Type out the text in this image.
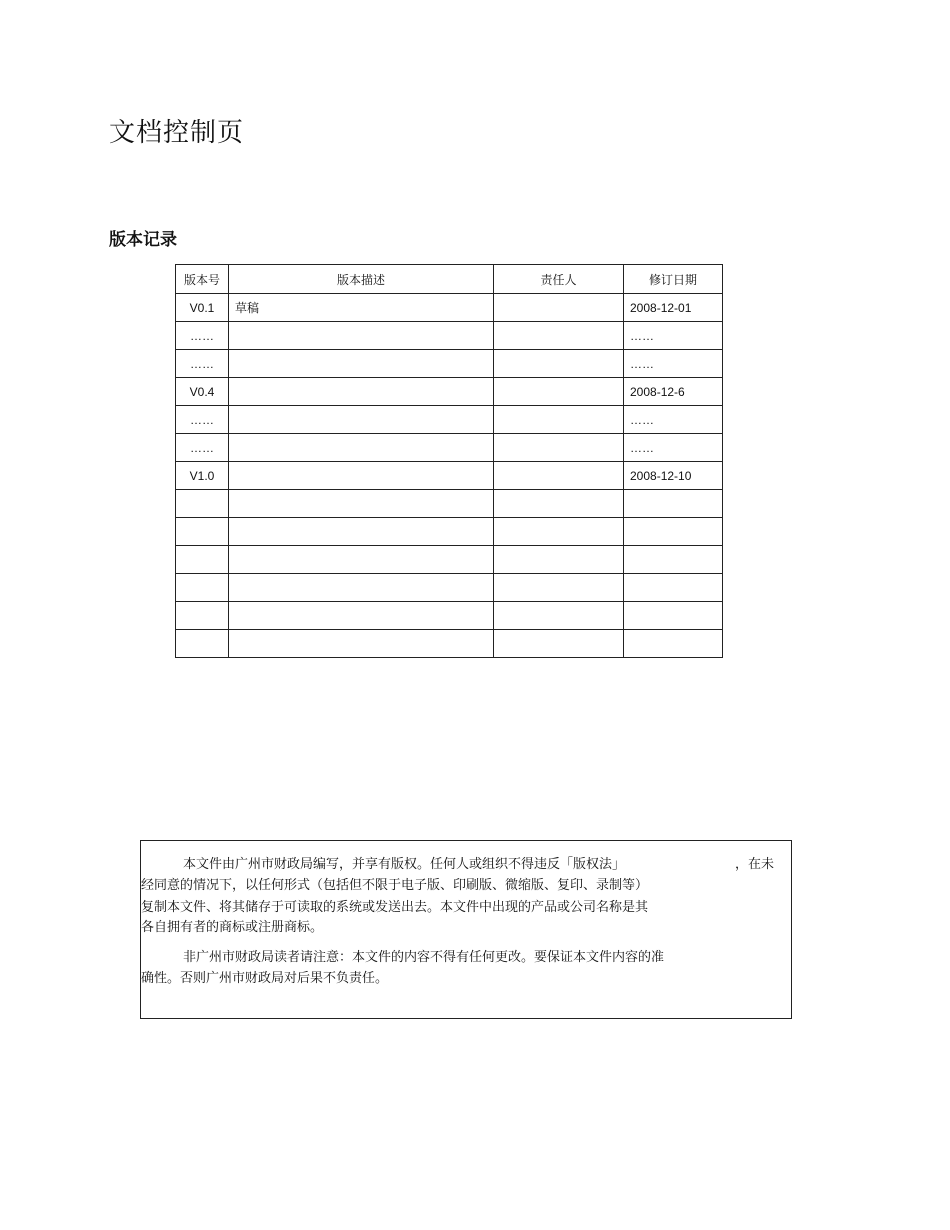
文档控制页
版本记录
版本号	版本描述	责任人	修订日期
V0.1	草稿		2008-12-01
……			……
……			……
V0.4			2008-12-6
……			……
……			……
V1.0			2008-12-10

本文件由广州市财政局编写，并享有版权。任何人或组织不得违反「版权法」	，在未
经同意的情况下，以任何形式（包括但不限于电子版、印刷版、微缩版、复印、录制等）
复制本文件、将其储存于可读取的系统或发送出去。本文件中出现的产品或公司名称是其
各自拥有者的商标或注册商标。
非广州市财政局读者请注意：本文件的内容不得有任何更改。要保证本文件内容的准
确性。否则广州市财政局对后果不负责任。
